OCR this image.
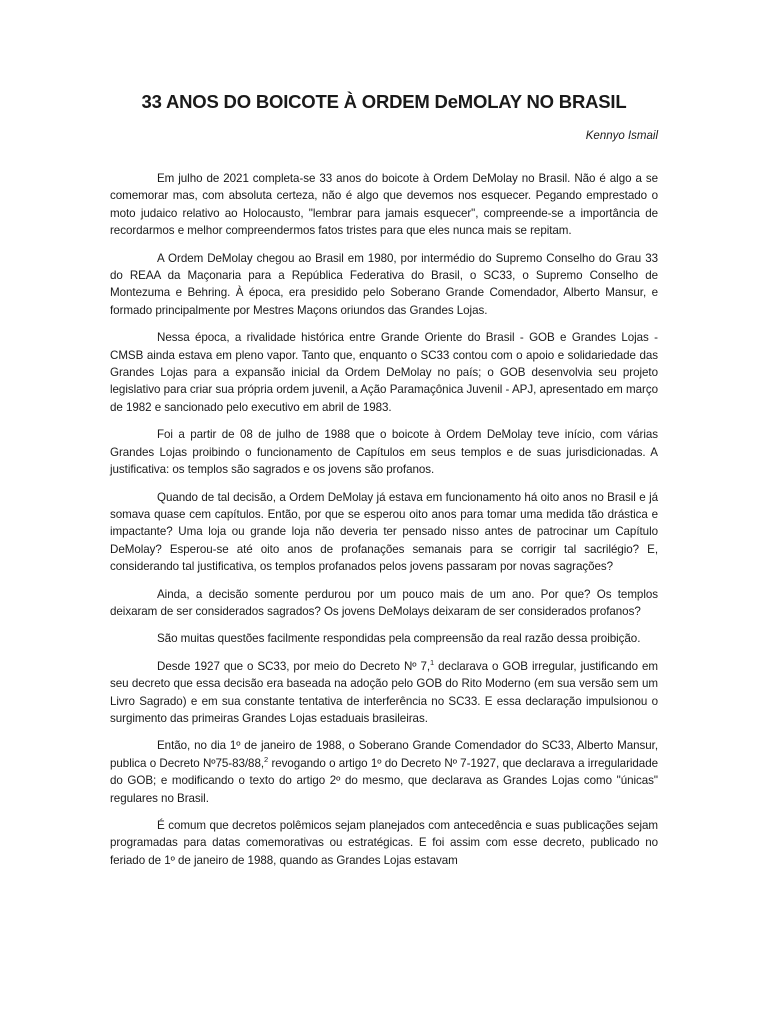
33 ANOS DO BOICOTE À ORDEM DeMOLAY NO BRASIL
Kennyo Ismail

Em julho de 2021 completa-se 33 anos do boicote à Ordem DeMolay no Brasil. Não é algo a se comemorar mas, com absoluta certeza, não é algo que devemos nos esquecer. Pegando emprestado o moto judaico relativo ao Holocausto, "lembrar para jamais esquecer", compreende-se a importância de recordarmos e melhor compreendermos fatos tristes para que eles nunca mais se repitam.

A Ordem DeMolay chegou ao Brasil em 1980, por intermédio do Supremo Conselho do Grau 33 do REAA da Maçonaria para a República Federativa do Brasil, o SC33, o Supremo Conselho de Montezuma e Behring. À época, era presidido pelo Soberano Grande Comendador, Alberto Mansur, e formado principalmente por Mestres Maçons oriundos das Grandes Lojas.

Nessa época, a rivalidade histórica entre Grande Oriente do Brasil - GOB e Grandes Lojas - CMSB ainda estava em pleno vapor. Tanto que, enquanto o SC33 contou com o apoio e solidariedade das Grandes Lojas para a expansão inicial da Ordem DeMolay no país; o GOB desenvolvia seu projeto legislativo para criar sua própria ordem juvenil, a Ação Paramaçônica Juvenil - APJ, apresentado em março de 1982 e sancionado pelo executivo em abril de 1983.

Foi a partir de 08 de julho de 1988 que o boicote à Ordem DeMolay teve início, com várias Grandes Lojas proibindo o funcionamento de Capítulos em seus templos e de suas jurisdicionadas. A justificativa: os templos são sagrados e os jovens são profanos.

Quando de tal decisão, a Ordem DeMolay já estava em funcionamento há oito anos no Brasil e já somava quase cem capítulos. Então, por que se esperou oito anos para tomar uma medida tão drástica e impactante? Uma loja ou grande loja não deveria ter pensado nisso antes de patrocinar um Capítulo DeMolay? Esperou-se até oito anos de profanações semanais para se corrigir tal sacrilégio? E, considerando tal justificativa, os templos profanados pelos jovens passaram por novas sagrações?

Ainda, a decisão somente perdurou por um pouco mais de um ano. Por que? Os templos deixaram de ser considerados sagrados? Os jovens DeMolays deixaram de ser considerados profanos?

São muitas questões facilmente respondidas pela compreensão da real razão dessa proibição.

Desde 1927 que o SC33, por meio do Decreto Nº 7,$^1$ declarava o GOB irregular, justificando em seu decreto que essa decisão era baseada na adoção pelo GOB do Rito Moderno (em sua versão sem um Livro Sagrado) e em sua constante tentativa de interferência no SC33. E essa declaração impulsionou o surgimento das primeiras Grandes Lojas estaduais brasileiras.

Então, no dia 1º de janeiro de 1988, o Soberano Grande Comendador do SC33, Alberto Mansur, publica o Decreto Nº75-83/88,$^2$ revogando o artigo 1º do Decreto Nº 7-1927, que declarava a irregularidade do GOB; e modificando o texto do artigo 2º do mesmo, que declarava as Grandes Lojas como "únicas" regulares no Brasil.

É comum que decretos polêmicos sejam planejados com antecedência e suas publicações sejam programadas para datas comemorativas ou estratégicas. E foi assim com esse decreto, publicado no feriado de 1º de janeiro de 1988, quando as Grandes Lojas estavam
